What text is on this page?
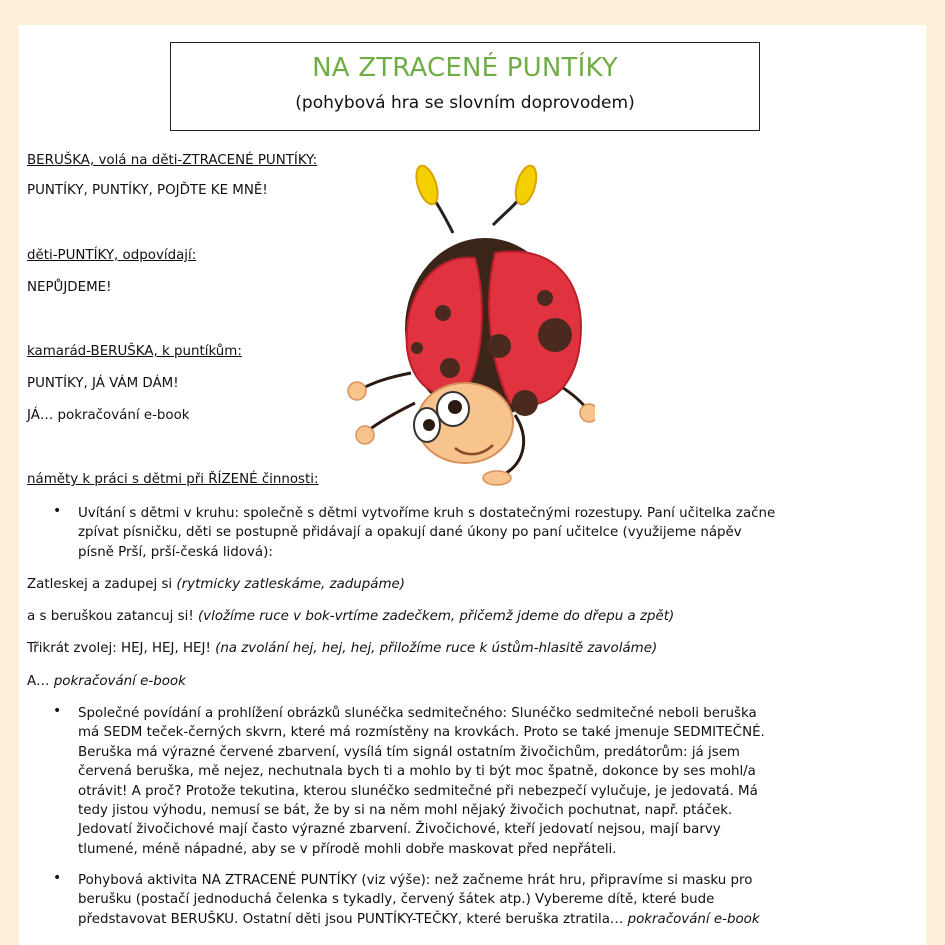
NA ZTRACENÉ PUNTÍKY
(pohybová hra se slovním doprovodem)
BERUŠKA, volá na děti-ZTRACENÉ PUNTÍKY:
PUNTÍKY, PUNTÍKY, POJĎTE KE MNĚ!
děti-PUNTÍKY, odpovídají:
NEPŮJDEME!
kamarád-BERUŠKA, k puntíkům:
PUNTÍKY, JÁ VÁM DÁM!
JÁ… pokračování e-book
náměty k práci s dětmi při ŘÍZENÉ činnosti:
• Uvítání s dětmi v kruhu: společně s dětmi vytvoříme kruh s dostatečnými rozestupy. Paní učitelka začne zpívat písničku, děti se postupně přidávají a opakují dané úkony po paní učitelce (využijeme nápěv písně Prší, prší-česká lidová):
Zatleskej a zadupej si (rytmicky zatleskáme, zadupáme)
a s beruškou zatancuj si! (vložíme ruce v bok-vrtíme zadečkem, přičemž jdeme do dřepu a zpět)
Třikrát zvolej: HEJ, HEJ, HEJ! (na zvolání hej, hej, hej, přiložíme ruce k ústům-hlasitě zavoláme)
A… pokračování e-book
• Společné povídání a prohlížení obrázků slunéčka sedmitečného: Slunéčko sedmitečné neboli beruška má SEDM teček-černých skvrn, které má rozmístěny na krovkách. Proto se také jmenuje SEDMITEČNÉ. Beruška má výrazné červené zbarvení, vysílá tím signál ostatním živočichům, predátorům: já jsem červená beruška, mě nejez, nechutnala bych ti a mohlo by ti být moc špatně, dokonce by ses mohl/a otrávit! A proč? Protože tekutina, kterou slunéčko sedmitečné při nebezpečí vylučuje, je jedovatá. Má tedy jistou výhodu, nemusí se bát, že by si na něm mohl nějaký živočich pochutnat, např. ptáček. Jedovatí živočichové mají často výrazné zbarvení. Živočichové, kteří jedovatí nejsou, mají barvy tlumené, méně nápadné, aby se v přírodě mohli dobře maskovat před nepřáteli.
• Pohybová aktivita NA ZTRACENÉ PUNTÍKY (viz výše): než začneme hrát hru, připravíme si masku pro berušku (postačí jednoduchá čelenka s tykadly, červený šátek atp.) Vybereme dítě, které bude představovat BERUŠKU. Ostatní děti jsou PUNTÍKY-TEČKY, které beruška ztratila… pokračování e-book
